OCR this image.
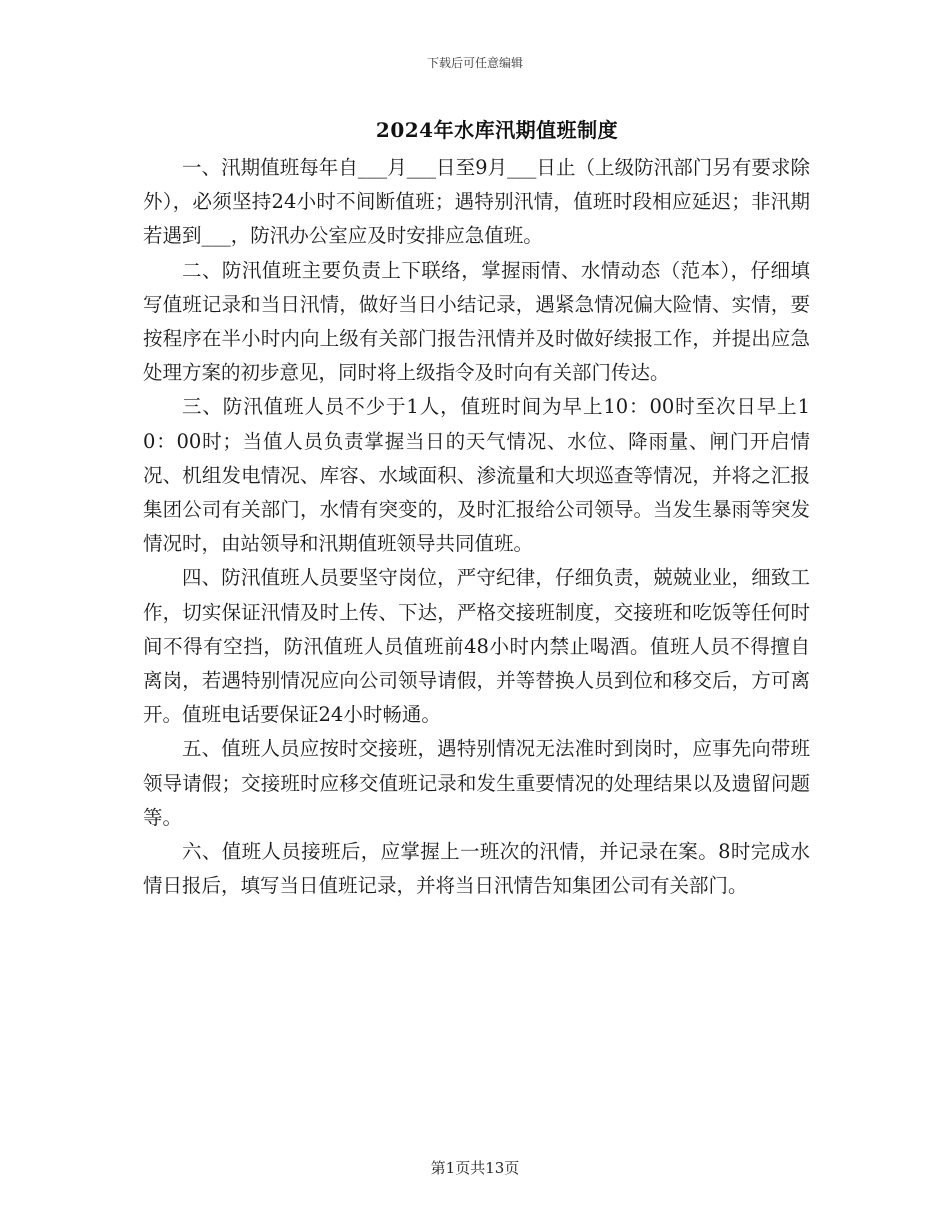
下载后可任意编辑
2024年水库汛期值班制度

一、汛期值班每年自___月___日至9月___日止（上级防汛部门另有要求除外），必须坚持24小时不间断值班；遇特别汛情，值班时段相应延迟；非汛期若遇到___，防汛办公室应及时安排应急值班。

二、防汛值班主要负责上下联络，掌握雨情、水情动态（范本），仔细填写值班记录和当日汛情，做好当日小结记录，遇紧急情况偏大险情、实情，要按程序在半小时内向上级有关部门报告汛情并及时做好续报工作，并提出应急处理方案的初步意见，同时将上级指令及时向有关部门传达。

三、防汛值班人员不少于1人，值班时间为早上10：00时至次日早上10：00时；当值人员负责掌握当日的天气情况、水位、降雨量、闸门开启情况、机组发电情况、库容、水域面积、渗流量和大坝巡查等情况，并将之汇报集团公司有关部门，水情有突变的，及时汇报给公司领导。当发生暴雨等突发情况时，由站领导和汛期值班领导共同值班。

四、防汛值班人员要坚守岗位，严守纪律，仔细负责，兢兢业业，细致工作，切实保证汛情及时上传、下达，严格交接班制度，交接班和吃饭等任何时间不得有空挡，防汛值班人员值班前48小时内禁止喝酒。值班人员不得擅自离岗，若遇特别情况应向公司领导请假，并等替换人员到位和移交后，方可离开。值班电话要保证24小时畅通。

五、值班人员应按时交接班，遇特别情况无法准时到岗时，应事先向带班领导请假；交接班时应移交值班记录和发生重要情况的处理结果以及遗留问题等。

六、值班人员接班后，应掌握上一班次的汛情，并记录在案。8时完成水情日报后，填写当日值班记录，并将当日汛情告知集团公司有关部门。

第1页共13页
